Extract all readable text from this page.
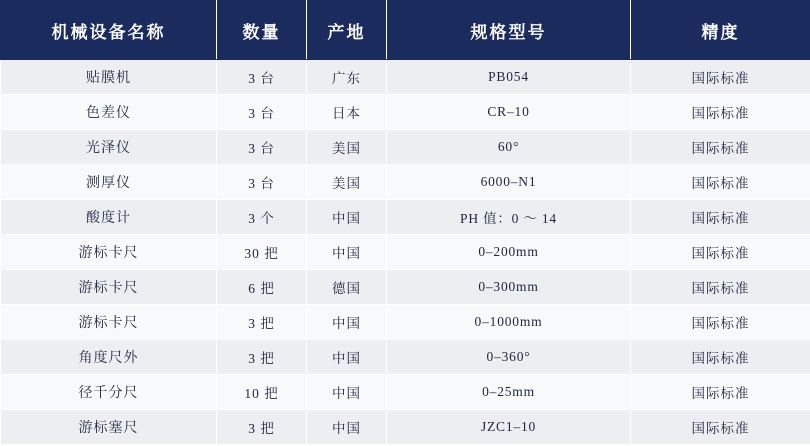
机械设备名称	数量	产地	规格型号	精度
贴膜机	3 台	广东	PB054	国际标准
色差仪	3 台	日本	CR–10	国际标准
光泽仪	3 台	美国	60°	国际标准
测厚仪	3 台	美国	6000–N1	国际标准
酸度计	3 个	中国	PH 值：0 ～ 14	国际标准
游标卡尺	30 把	中国	0–200mm	国际标准
游标卡尺	6 把	德国	0–300mm	国际标准
游标卡尺	3 把	中国	0–1000mm	国际标准
角度尺外	3 把	中国	0–360°	国际标准
径千分尺	10 把	中国	0–25mm	国际标准
游标塞尺	3 把	中国	JZC1–10	国际标准
